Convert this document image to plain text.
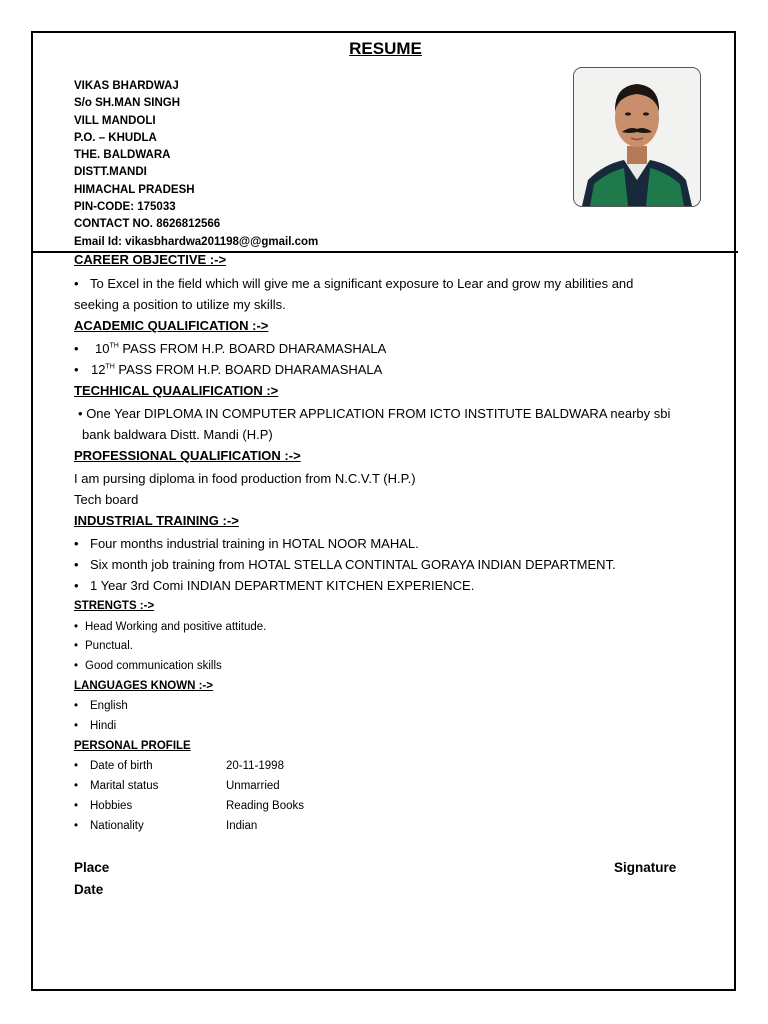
RESUME
VIKAS BHARDWAJ
S/o SH.MAN SINGH
VILL MANDOLI
P.O. – KHUDLA
THE. BALDWARA
DISTT.MANDI
HIMACHAL PRADESH
PIN-CODE: 175033
CONTACT NO. 8626812566
Email Id: vikasbhardwa201198@@gmail.com
CAREER OBJECTIVE :->
• To Excel in the field which will give me a significant exposure to Lear and grow my abilities and
seeking a position to utilize my skills.
ACADEMIC QUALIFICATION :->
• 10TH PASS FROM H.P. BOARD DHARAMASHALA
• 12TH PASS FROM H.P. BOARD DHARAMASHALA
TECHHICAL QUAALIFICATION :>
• One Year DIPLOMA IN COMPUTER APPLICATION FROM ICTO INSTITUTE BALDWARA nearby sbi
bank baldwara Distt. Mandi (H.P)
PROFESSIONAL QUALIFICATION :->
I am pursing diploma in food production from N.C.V.T (H.P.)
Tech board
INDUSTRIAL TRAINING :->
• Four months industrial training in HOTAL NOOR MAHAL.
• Six month job training from HOTAL STELLA CONTINTAL GORAYA INDIAN DEPARTMENT.
• 1 Year 3rd Comi INDIAN DEPARTMENT KITCHEN EXPERIENCE.
STRENGTS :->
• Head Working and positive attitude.
• Punctual.
• Good communication skills
LANGUAGES KNOWN :->
• English
• Hindi
PERSONAL PROFILE
• Date of birth	20-11-1998
• Marital status	Unmarried
• Hobbies	Reading Books
• Nationality	Indian
Place	Signature
Date
